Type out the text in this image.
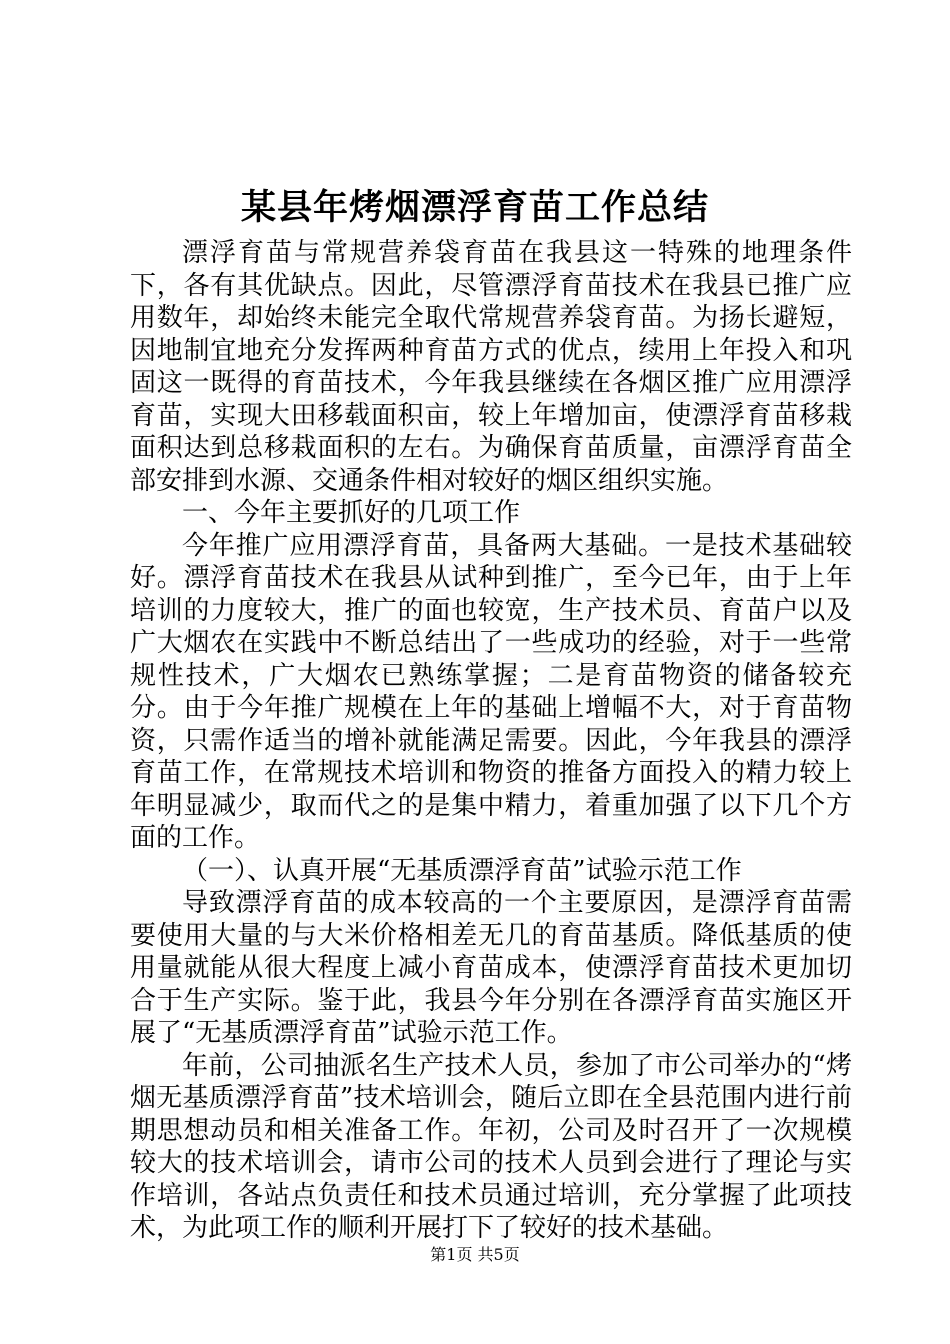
某县年烤烟漂浮育苗工作总结

漂浮育苗与常规营养袋育苗在我县这一特殊的地理条件下，各有其优缺点。因此，尽管漂浮育苗技术在我县已推广应用数年，却始终未能完全取代常规营养袋育苗。为扬长避短，因地制宜地充分发挥两种育苗方式的优点，续用上年投入和巩固这一既得的育苗技术，今年我县继续在各烟区推广应用漂浮育苗，实现大田移载面积亩，较上年增加亩，使漂浮育苗移栽面积达到总移栽面积的左右。为确保育苗质量，亩漂浮育苗全部安排到水源、交通条件相对较好的烟区组织实施。

一、今年主要抓好的几项工作

今年推广应用漂浮育苗，具备两大基础。一是技术基础较好。漂浮育苗技术在我县从试种到推广，至今已年，由于上年培训的力度较大，推广的面也较宽，生产技术员、育苗户以及广大烟农在实践中不断总结出了一些成功的经验，对于一些常规性技术，广大烟农已熟练掌握；二是育苗物资的储备较充分。由于今年推广规模在上年的基础上增幅不大，对于育苗物资，只需作适当的增补就能满足需要。因此，今年我县的漂浮育苗工作，在常规技术培训和物资的推备方面投入的精力较上年明显减少，取而代之的是集中精力，着重加强了以下几个方面的工作。

（一）、认真开展“无基质漂浮育苗”试验示范工作

导致漂浮育苗的成本较高的一个主要原因，是漂浮育苗需要使用大量的与大米价格相差无几的育苗基质。降低基质的使用量就能从很大程度上减小育苗成本，使漂浮育苗技术更加切合于生产实际。鉴于此，我县今年分别在各漂浮育苗实施区开展了“无基质漂浮育苗”试验示范工作。

年前，公司抽派名生产技术人员，参加了市公司举办的“烤烟无基质漂浮育苗”技术培训会，随后立即在全县范围内进行前期思想动员和相关准备工作。年初，公司及时召开了一次规模较大的技术培训会，请市公司的技术人员到会进行了理论与实作培训，各站点负责任和技术员通过培训，充分掌握了此项技术，为此项工作的顺利开展打下了较好的技术基础。

第1页 共5页
